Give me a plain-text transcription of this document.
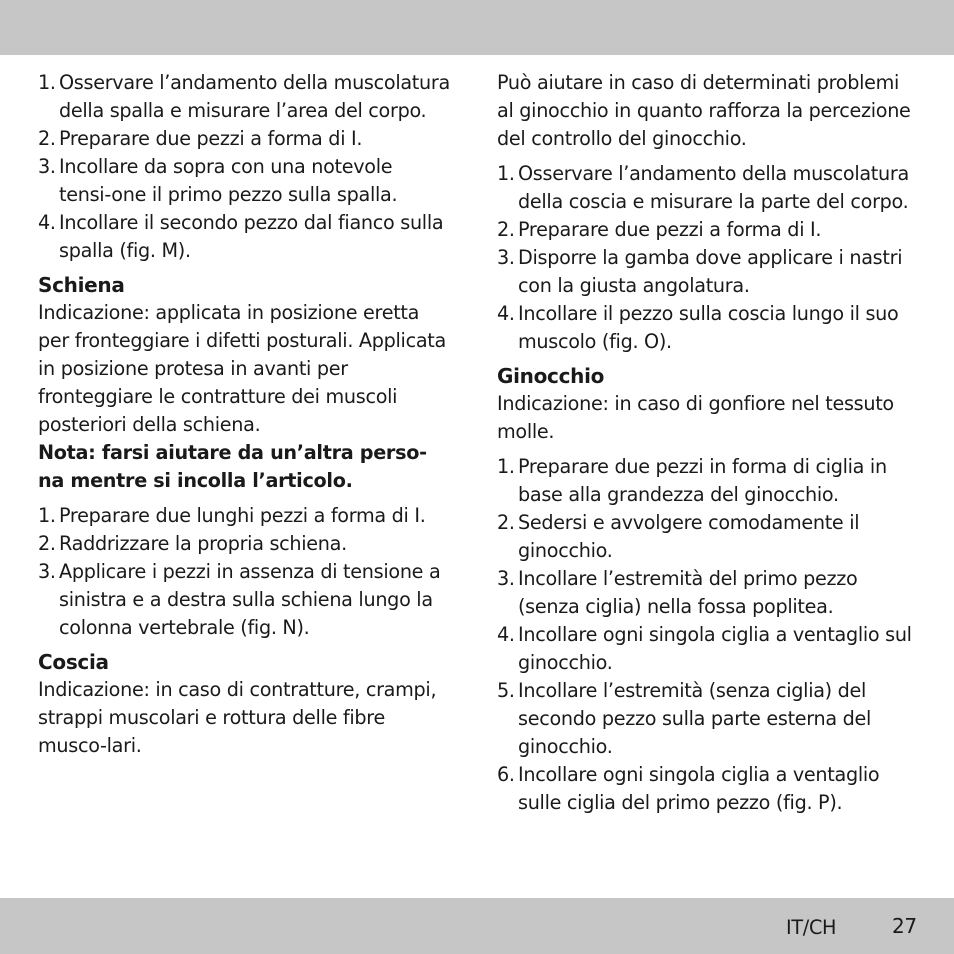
1. Osservare l’andamento della muscolatura della spalla e misurare l’area del corpo.
2. Preparare due pezzi a forma di I.
3. Incollare da sopra con una notevole tensi-one il primo pezzo sulla spalla.
4. Incollare il secondo pezzo dal fianco sulla spalla (fig. M).
Schiena

Indicazione: applicata in posizione eretta per fronteggiare i difetti posturali. Applicata in posizione protesa in avanti per fronteggiare le contratture dei muscoli posteriori della schiena.

Nota: farsi aiutare da un’altra perso-na mentre si incolla l’articolo.

1. Preparare due lunghi pezzi a forma di I.
2. Raddrizzare la propria schiena.
3. Applicare i pezzi in assenza di tensione a sinistra e a destra sulla schiena lungo la colonna vertebrale (fig. N).
Coscia

Indicazione: in caso di contratture, crampi, strappi muscolari e rottura delle fibre musco-lari.

Può aiutare in caso di determinati problemi al ginocchio in quanto rafforza la percezione del controllo del ginocchio.

1. Osservare l’andamento della muscolatura della coscia e misurare la parte del corpo.
2. Preparare due pezzi a forma di I.
3. Disporre la gamba dove applicare i nastri con la giusta angolatura.
4. Incollare il pezzo sulla coscia lungo il suo muscolo (fig. O).
Ginocchio

Indicazione: in caso di gonfiore nel tessuto molle.

1. Preparare due pezzi in forma di ciglia in base alla grandezza del ginocchio.
2. Sedersi e avvolgere comodamente il ginocchio.
3. Incollare l’estremità del primo pezzo (senza ciglia) nella fossa poplitea.
4. Incollare ogni singola ciglia a ventaglio sul ginocchio.
5. Incollare l’estremità (senza ciglia) del secondo pezzo sulla parte esterna del ginocchio.
6. Incollare ogni singola ciglia a ventaglio sulle ciglia del primo pezzo (fig. P).
IT/CH	27
